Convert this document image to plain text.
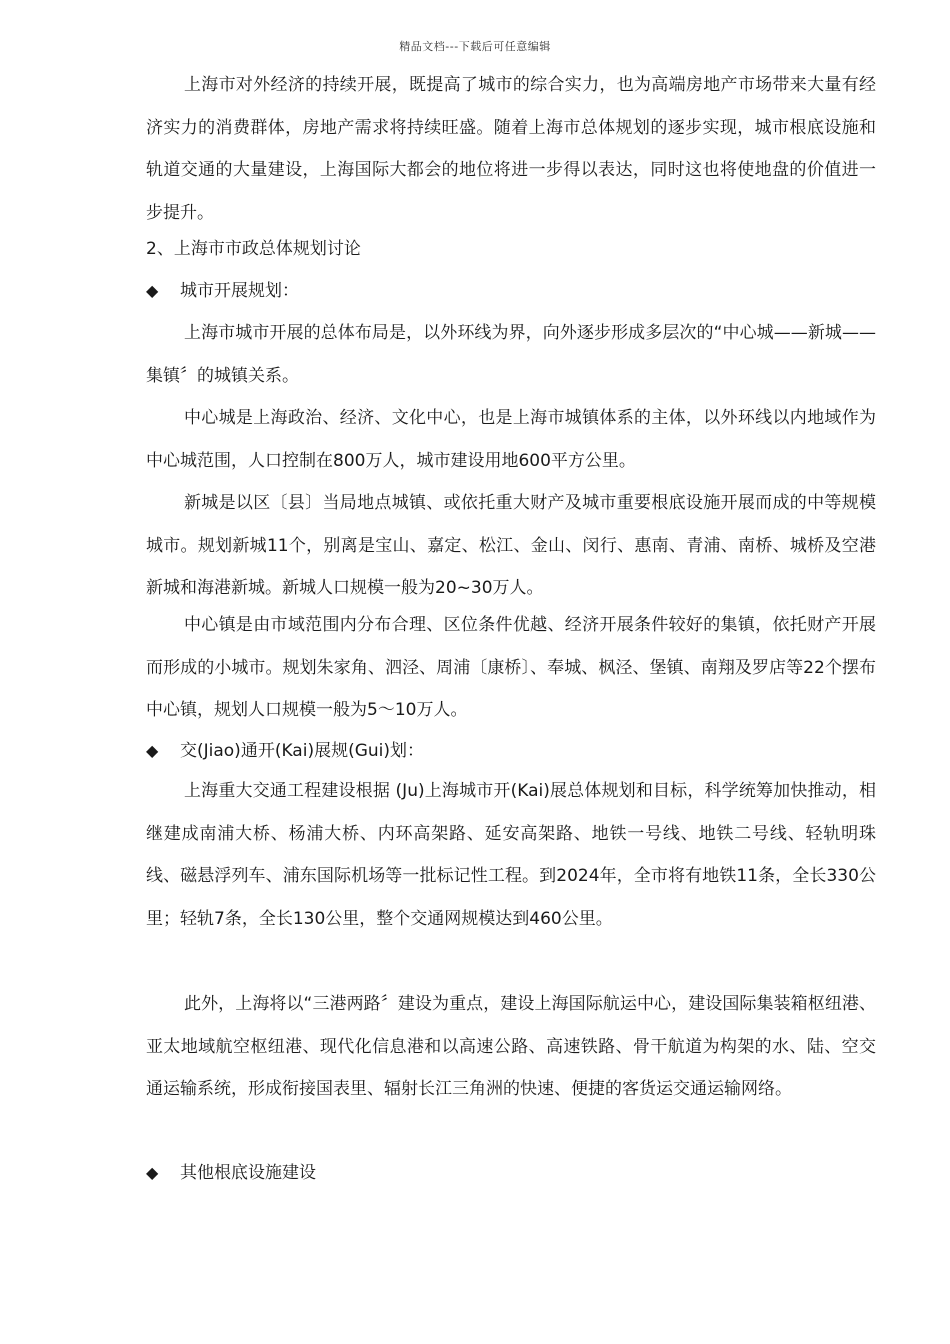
精品文档---下载后可任意编辑
上海市对外经济的持续开展，既提高了城市的综合实力，也为高端房地产市场带来大量有经济实力的消费群体，房地产需求将持续旺盛。随着上海市总体规划的逐步实现，城市根底设施和轨道交通的大量建设，上海国际大都会的地位将进一步得以表达，同时这也将使地盘的价值进一步提升。
2、上海市市政总体规划讨论
◆ 城市开展规划：
上海市城市开展的总体布局是，以外环线为界，向外逐步形成多层次的“中心城——新城——集镇〞的城镇关系。
中心城是上海政治、经济、文化中心，也是上海市城镇体系的主体，以外环线以内地域作为中心城范围，人口控制在800万人，城市建设用地600平方公里。
新城是以区〔县〕当局地点城镇、或依托重大财产及城市重要根底设施开展而成的中等规模城市。规划新城11个，别离是宝山、嘉定、松江、金山、闵行、惠南、青浦、南桥、城桥及空港新城和海港新城。新城人口规模一般为20~30万人。
中心镇是由市域范围内分布合理、区位条件优越、经济开展条件较好的集镇，依托财产开展而形成的小城市。规划朱家角、泗泾、周浦〔康桥〕、奉城、枫泾、堡镇、南翔及罗店等22个摆布中心镇，规划人口规模一般为5～10万人。
◆ 交(Jiao)通开(Kai)展规(Gui)划：
上海重大交通工程建设根据 (Ju)上海城市开(Kai)展总体规划和目标，科学统筹加快推动，相继建成南浦大桥、杨浦大桥、内环高架路、延安高架路、地铁一号线、地铁二号线、轻轨明珠线、磁悬浮列车、浦东国际机场等一批标记性工程。到2024年，全市将有地铁11条，全长330公里；轻轨7条，全长130公里，整个交通网规模达到460公里。
此外，上海将以“三港两路〞建设为重点，建设上海国际航运中心，建设国际集装箱枢纽港、亚太地域航空枢纽港、现代化信息港和以高速公路、高速铁路、骨干航道为构架的水、陆、空交通运输系统，形成衔接国表里、辐射长江三角洲的快速、便捷的客货运交通运输网络。
◆ 其他根底设施建设
